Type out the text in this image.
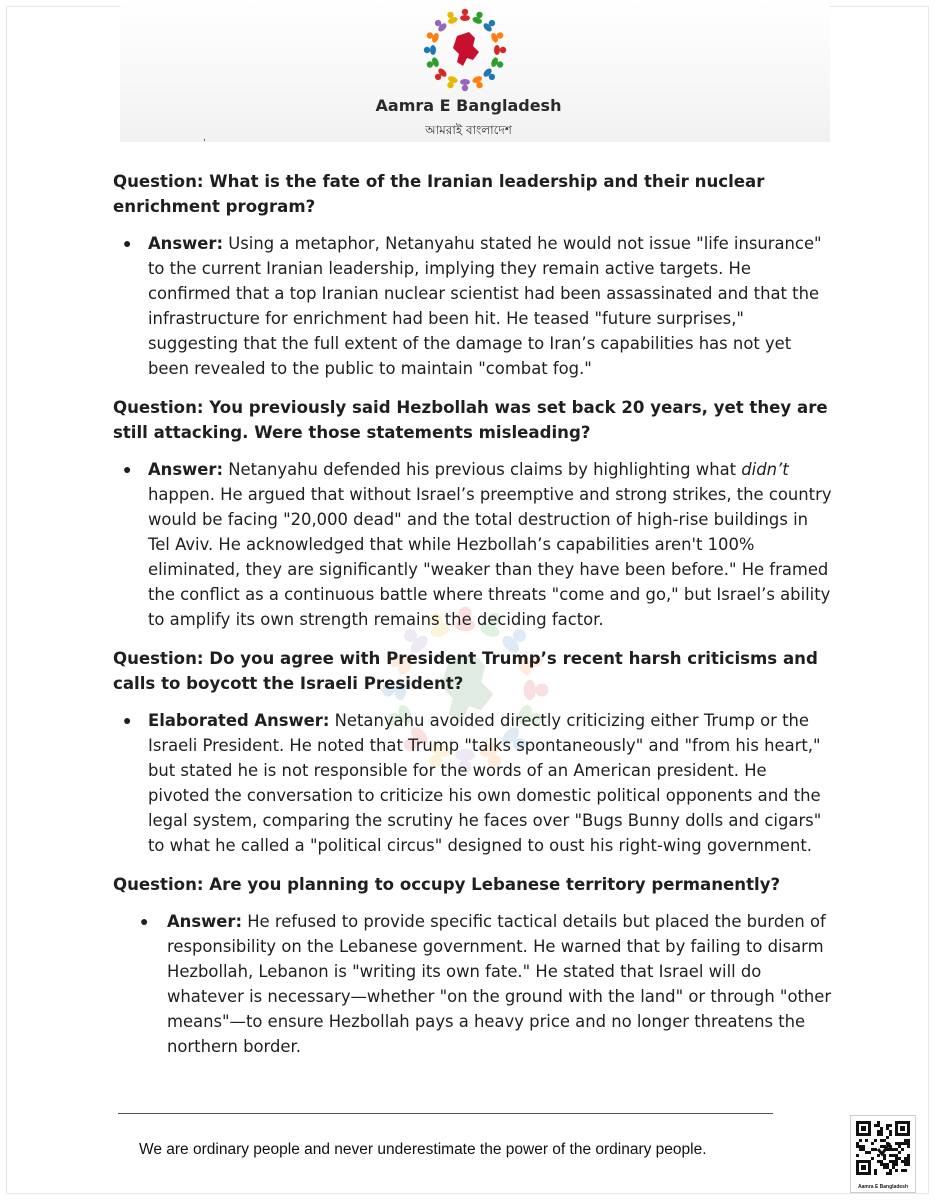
Aamra E Bangladesh
আমরাই বাংলাদেশ
,

Question: What is the fate of the Iranian leadership and their nuclear enrichment program?

● Answer: Using a metaphor, Netanyahu stated he would not issue "life insurance" to the current Iranian leadership, implying they remain active targets. He confirmed that a top Iranian nuclear scientist had been assassinated and that the infrastructure for enrichment had been hit. He teased "future surprises," suggesting that the full extent of the damage to Iran’s capabilities has not yet been revealed to the public to maintain "combat fog."

Question: You previously said Hezbollah was set back 20 years, yet they are still attacking. Were those statements misleading?

● Answer: Netanyahu defended his previous claims by highlighting what didn’t happen. He argued that without Israel’s preemptive and strong strikes, the country would be facing "20,000 dead" and the total destruction of high-rise buildings in Tel Aviv. He acknowledged that while Hezbollah’s capabilities aren't 100% eliminated, they are significantly "weaker than they have been before." He framed the conflict as a continuous battle where threats "come and go," but Israel’s ability to amplify its own strength remains the deciding factor.

Question: Do you agree with President Trump’s recent harsh criticisms and calls to boycott the Israeli President?

● Elaborated Answer: Netanyahu avoided directly criticizing either Trump or the Israeli President. He noted that Trump "talks spontaneously" and "from his heart," but stated he is not responsible for the words of an American president. He pivoted the conversation to criticize his own domestic political opponents and the legal system, comparing the scrutiny he faces over "Bugs Bunny dolls and cigars" to what he called a "political circus" designed to oust his right-wing government.

Question: Are you planning to occupy Lebanese territory permanently?

● Answer: He refused to provide specific tactical details but placed the burden of responsibility on the Lebanese government. He warned that by failing to disarm Hezbollah, Lebanon is "writing its own fate." He stated that Israel will do whatever is necessary—whether "on the ground with the land" or through "other means"—to ensure Hezbollah pays a heavy price and no longer threatens the northern border.

We are ordinary people and never underestimate the power of the ordinary people.
Aamra E Bangladesh
